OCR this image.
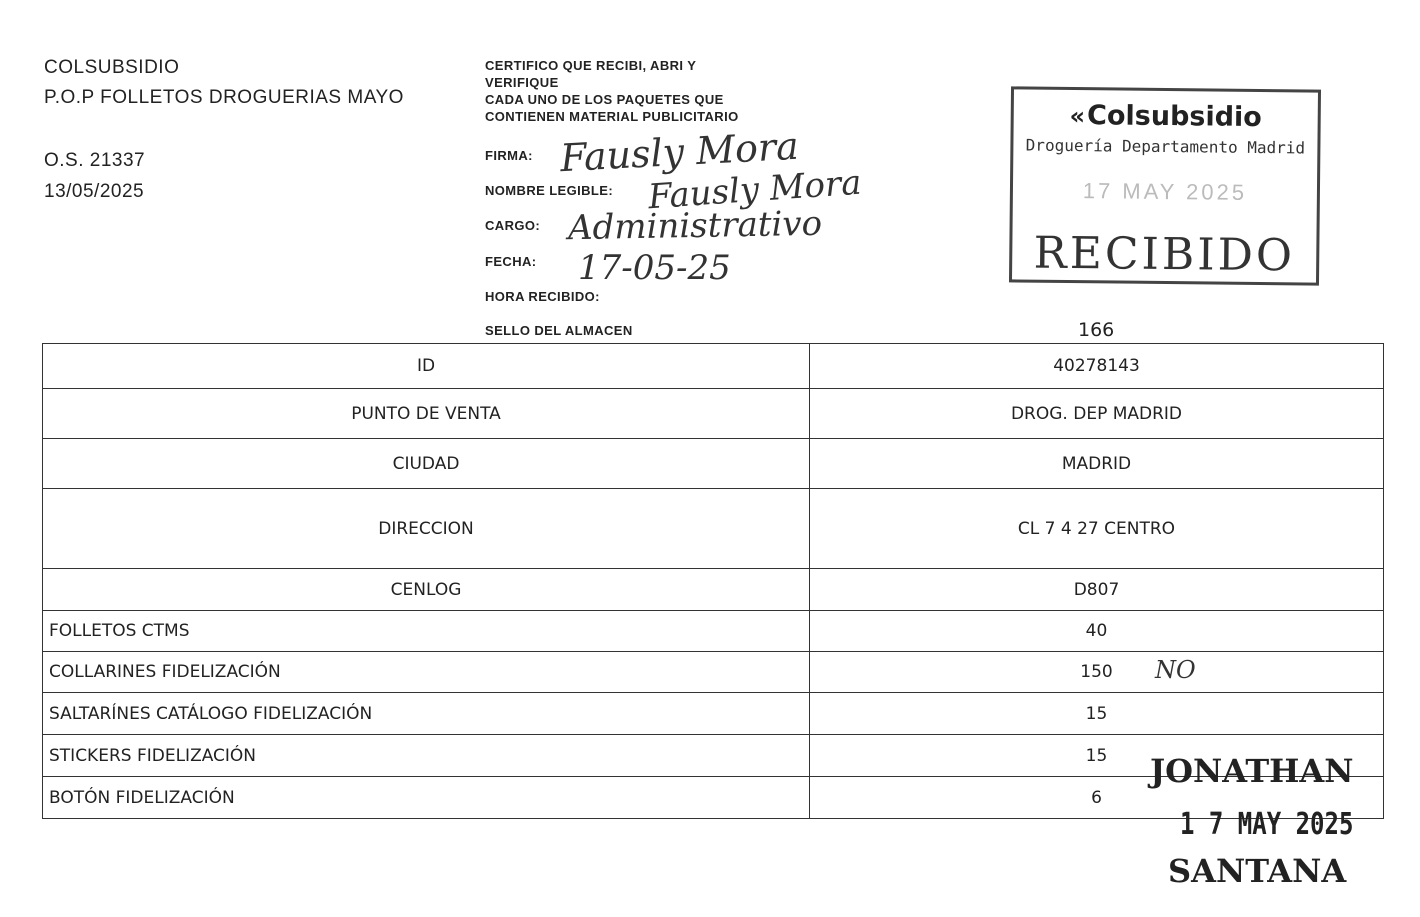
COLSUBSIDIO
P.O.P FOLLETOS DROGUERIAS MAYO
O.S. 21337
13/05/2025
CERTIFICO QUE RECIBI, ABRI Y
VERIFIQUE
CADA UNO DE LOS PAQUETES QUE
CONTIENEN MATERIAL PUBLICITARIO
FIRMA: Fausly Mora
NOMBRE LEGIBLE: Fausly Mora
CARGO: Administrativo
FECHA: 17-05-25
HORA RECIBIDO:
SELLO DEL ALMACEN	166
«Colsubsidio
Droguería Departamento Madrid
17 MAY 2025
RECIBIDO
ID	40278143
PUNTO DE VENTA	DROG. DEP MADRID
CIUDAD	MADRID
DIRECCION	CL 7 4 27 CENTRO
CENLOG	D807
FOLLETOS CTMS	40
COLLARINES FIDELIZACIÓN	150 NO

SALTARÍNES CATÁLOGO FIDELIZACIÓN	15
STICKERS FIDELIZACIÓN	15
BOTÓN FIDELIZACIÓN	6
JONATHAN
1 7 MAY 2025
SANTANA
